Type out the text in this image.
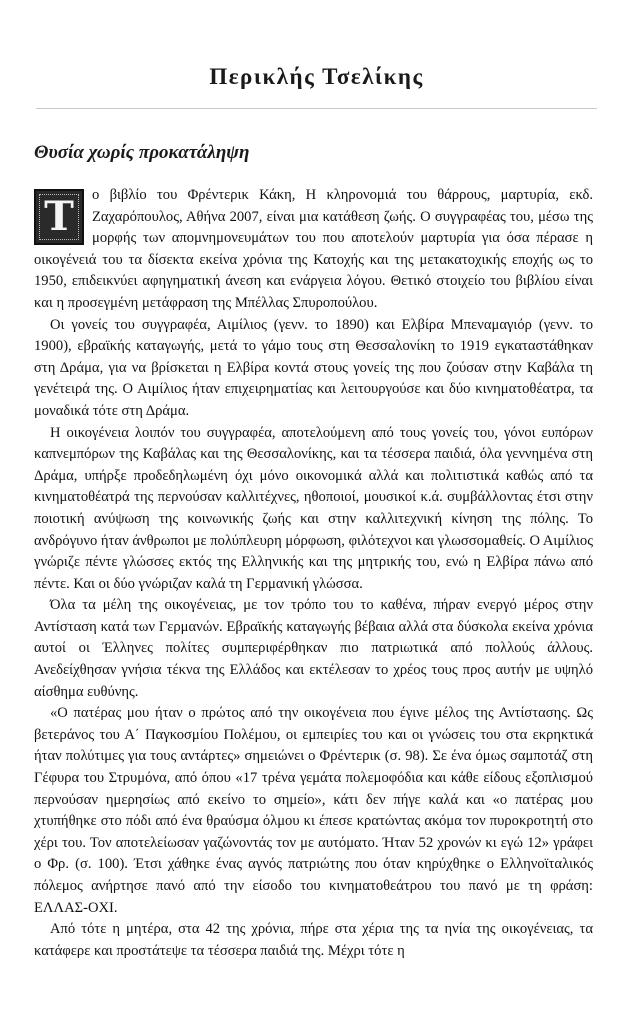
Περικλής Τσελίκης
Θυσία χωρίς προκατάληψη

Τ	ο βιβλίο του Φρέντερικ Κάκη, Η κληρονομιά του θάρρους, μαρτυρία, εκδ. Ζαχαρόπουλος, Αθήνα 2007, είναι μια κατάθεση ζωής. Ο συγγραφέας του, μέσω της μορφής των απομνημονευμάτων του που αποτελούν μαρτυρία για όσα πέρασε η οικογένειά του τα δίσεκτα εκείνα χρόνια της Κατοχής και της μετακατοχικής εποχής ως το 1950, επιδεικνύει αφηγηματική άνεση και ενάργεια λόγου. Θετικό στοιχείο του βιβλίου είναι και η προσεγμένη μετάφραση της Μπέλλας Σπυροπούλου.

Οι γονείς του συγγραφέα, Αιμίλιος (γενν. το 1890) και Ελβίρα Μπεναμαγιόρ (γενν. το 1900), εβραϊκής καταγωγής, μετά το γάμο τους στη Θεσσαλονίκη το 1919 εγκαταστάθηκαν στη Δράμα, για να βρίσκεται η Ελβίρα κοντά στους γονείς της που ζούσαν στην Καβάλα τη γενέτειρά της. Ο Αιμίλιος ήταν επιχειρηματίας και λειτουργούσε και δύο κινηματοθέατρα, τα μοναδικά τότε στη Δράμα.

Η οικογένεια λοιπόν του συγγραφέα, αποτελούμενη από τους γονείς του, γόνοι ευπόρων καπνεμπόρων της Καβάλας και της Θεσσαλονίκης, και τα τέσσερα παιδιά, όλα γεννημένα στη Δράμα, υπήρξε προδεδηλωμένη όχι μόνο οικονομικά αλλά και πολιτιστικά καθώς από τα κινηματοθέατρά της περνούσαν καλλιτέχνες, ηθοποιοί, μουσικοί κ.ά. συμβάλλοντας έτσι στην ποιοτική ανύψωση της κοινωνικής ζωής και στην καλλιτεχνική κίνηση της πόλης. Το ανδρόγυνο ήταν άνθρωποι με πολύπλευρη μόρφωση, φιλότεχνοι και γλωσσομαθείς. Ο Αιμίλιος γνώριζε πέντε γλώσσες εκτός της Ελληνικής και της μητρικής του, ενώ η Ελβίρα πάνω από πέντε. Και οι δύο γνώριζαν καλά τη Γερμανική γλώσσα.

Όλα τα μέλη της οικογένειας, με τον τρόπο του το καθένα, πήραν ενεργό μέρος στην Αντίσταση κατά των Γερμανών. Εβραϊκής καταγωγής βέβαια αλλά στα δύσκολα εκείνα χρόνια αυτοί οι Έλληνες πολίτες συμπεριφέρθηκαν πιο πατριωτικά από πολλούς άλλους. Ανεδείχθησαν γνήσια τέκνα της Ελλάδος και εκτέλεσαν το χρέος τους προς αυτήν με υψηλό αίσθημα ευθύνης.

«Ο πατέρας μου ήταν ο πρώτος από την οικογένεια που έγινε μέλος της Αντίστασης. Ως βετεράνος του Α΄ Παγκοσμίου Πολέμου, οι εμπειρίες του και οι γνώσεις του στα εκρηκτικά ήταν πολύτιμες για τους αντάρτες» σημειώνει ο Φρέντερικ (σ. 98). Σε ένα όμως σαμποτάζ στη Γέφυρα του Στρυμόνα, από όπου «17 τρένα γεμάτα πολεμοφόδια και κάθε είδους εξοπλισμού περνούσαν ημερησίως από εκείνο το σημείο», κάτι δεν πήγε καλά και «ο πατέρας μου χτυπήθηκε στο πόδι από ένα θραύσμα όλμου κι έπεσε κρατώντας ακόμα τον πυροκροτητή στο χέρι του. Τον αποτελείωσαν γαζώνοντάς τον με αυτόματο. Ήταν 52 χρονών κι εγώ 12» γράφει ο Φρ. (σ. 100). Έτσι χάθηκε ένας αγνός πατριώτης που όταν κηρύχθηκε ο Ελληνοϊταλικός πόλεμος ανήρτησε πανό από την είσοδο του κινηματοθεάτρου του πανό με τη φράση: ΕΛΛΑΣ-ΟΧΙ.

Από τότε η μητέρα, στα 42 της χρόνια, πήρε στα χέρια της τα ηνία της οικογένειας, τα κατάφερε και προστάτεψε τα τέσσερα παιδιά της. Μέχρι τότε η
